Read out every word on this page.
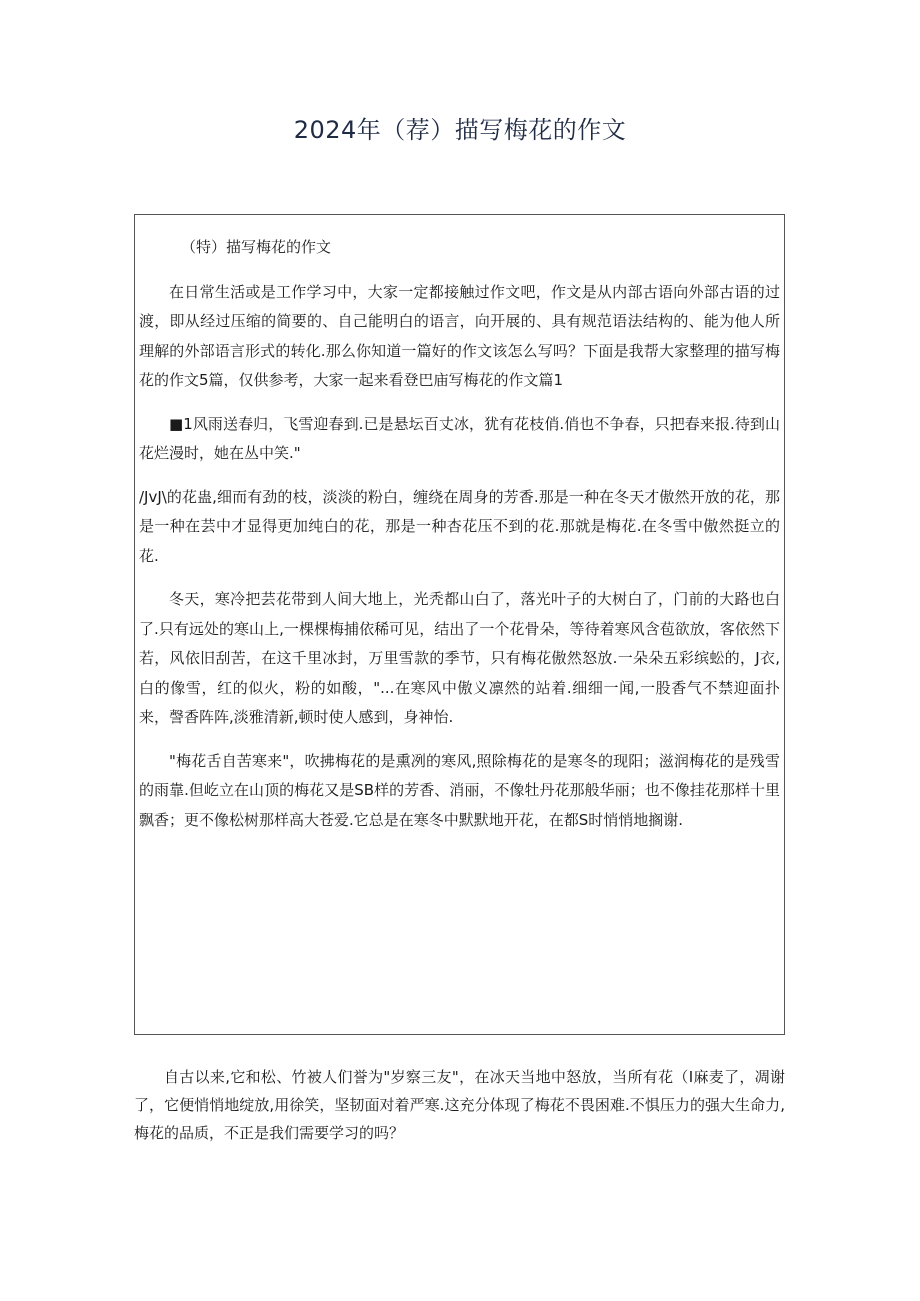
2024年（荐）描写梅花的作文

（特）描写梅花的作文

在日常生活或是工作学习中，大家一定都接触过作文吧，作文是从内部古语向外部古语的过渡，即从经过压缩的简要的、自己能明白的语言，向开展的、具有规范语法结构的、能为他人所理解的外部语言形式的转化.那么你知道一篇好的作文该怎么写吗？下面是我帮大家整理的描写梅花的作文5篇，仅供参考，大家一起来看登巴庙写梅花的作文篇1

■1风雨送春归，飞雪迎春到.已是悬坛百丈冰，犹有花枝俏.俏也不争春，只把春来报.待到山花烂漫时，她在丛中笑."

/JvJ\的花蛊,细而有劲的枝，淡淡的粉白，缠绕在周身的芳香.那是一种在冬天才傲然开放的花，那是一种在芸中才显得更加纯白的花，那是一种杏花压不到的花.那就是梅花.在冬雪中傲然挺立的花.

冬天，寒冷把芸花带到人间大地上，光秃都山白了，落光叶子的大树白了，门前的大路也白了.只有远处的寒山上,一棵棵梅捕依稀可见，结出了一个花骨朵，等待着寒风含苞欲放，客依然下若，风依旧刮苦，在这千里冰封，万里雪款的季节，只有梅花傲然怒放.一朵朵五彩缤蚣的，J衣,白的像雪，红的似火，粉的如酸，"...在寒风中傲义凛然的站着.细细一闻,一股香气不禁迎面扑来，謦香阵阵,淡雅清新,顿时使人感到，身神怡.

"梅花舌自苦寒来"，吹拂梅花的是熏冽的寒风,照除梅花的是寒冬的现阳；滋润梅花的是残雪的雨靠.但屹立在山顶的梅花又是SB样的芳香、消丽，不像牡丹花那般华丽；也不像挂花那样十里飘香；更不像松树那样高大苍爱.它总是在寒冬中默默地开花，在都S时悄悄地搁谢.

自古以来,它和松、竹被人们誉为"岁察三友"，在冰天当地中怒放，当所有花（I麻麦了，凋谢了，它便悄悄地绽放,用徐笑，坚韧面对着严寒.这充分体现了梅花不畏困难.不惧压力的强大生命力,梅花的品质，不正是我们需要学习的吗？
